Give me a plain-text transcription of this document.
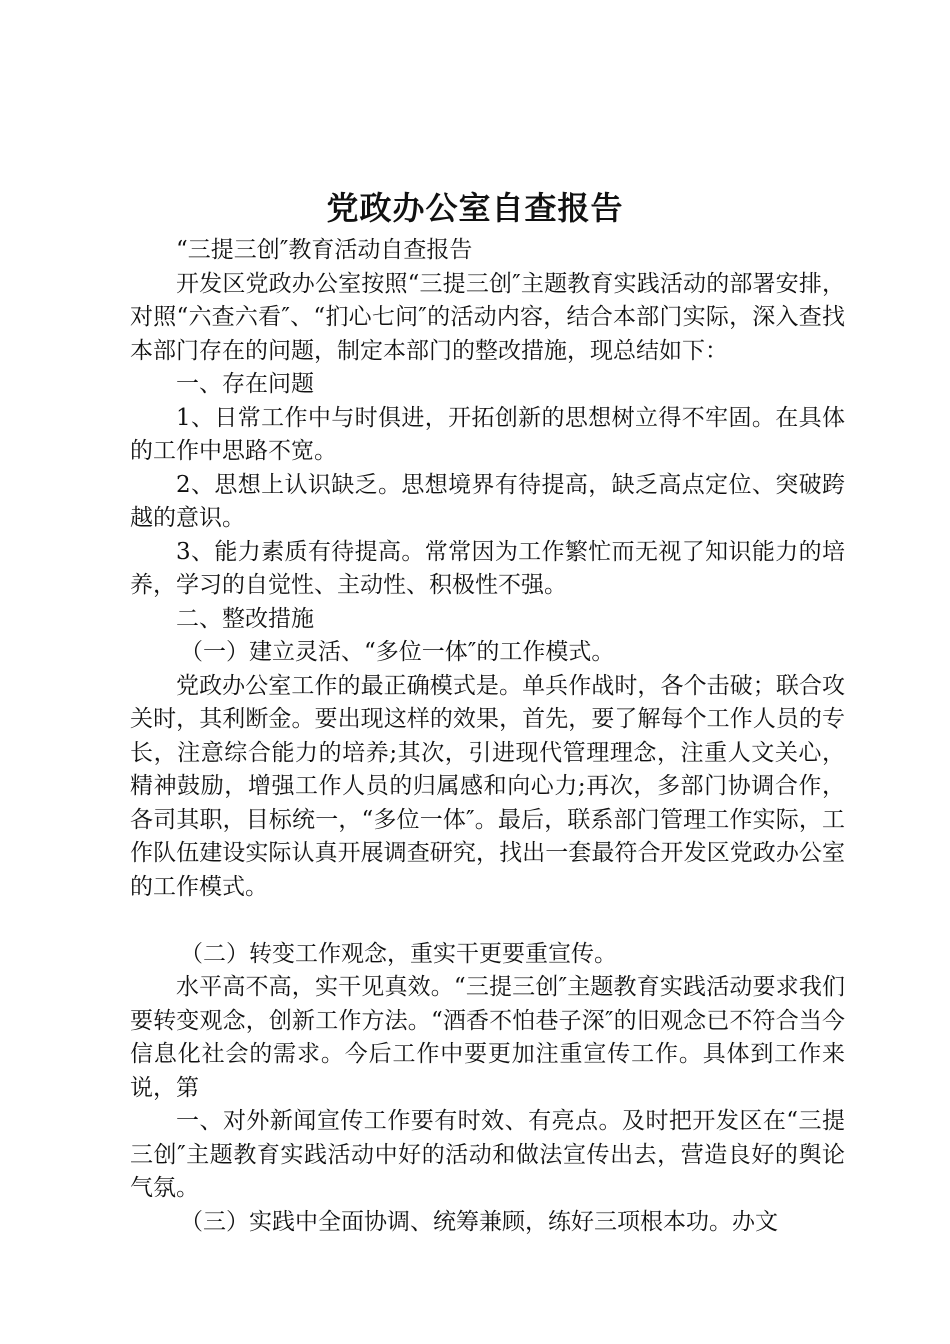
党政办公室自查报告

“三提三创″教育活动自查报告

开发区党政办公室按照“三提三创″主题教育实践活动的部署安排，对照“六查六看″、“扪心七问″的活动内容，结合本部门实际，深入查找本部门存在的问题，制定本部门的整改措施，现总结如下：

一、存在问题

1、日常工作中与时俱进，开拓创新的思想树立得不牢固。在具体的工作中思路不宽。

2、思想上认识缺乏。思想境界有待提高，缺乏高点定位、突破跨越的意识。

3、能力素质有待提高。常常因为工作繁忙而无视了知识能力的培养，学习的自觉性、主动性、积极性不强。

二、整改措施

（一）建立灵活、“多位一体″的工作模式。

党政办公室工作的最正确模式是。单兵作战时，各个击破；联合攻关时，其利断金。要出现这样的效果，首先，要了解每个工作人员的专长，注意综合能力的培养;其次，引进现代管理理念，注重人文关心，精神鼓励，增强工作人员的归属感和向心力;再次，多部门协调合作，各司其职，目标统一，“多位一体″。最后，联系部门管理工作实际，工作队伍建设实际认真开展调查研究，找出一套最符合开发区党政办公室的工作模式。

（二）转变工作观念，重实干更要重宣传。

水平高不高，实干见真效。“三提三创″主题教育实践活动要求我们要转变观念，创新工作方法。“酒香不怕巷子深″的旧观念已不符合当今信息化社会的需求。今后工作中要更加注重宣传工作。具体到工作来说，第

一、对外新闻宣传工作要有时效、有亮点。及时把开发区在“三提三创″主题教育实践活动中好的活动和做法宣传出去，营造良好的舆论气氛。

（三）实践中全面协调、统筹兼顾，练好三项根本功。办文
